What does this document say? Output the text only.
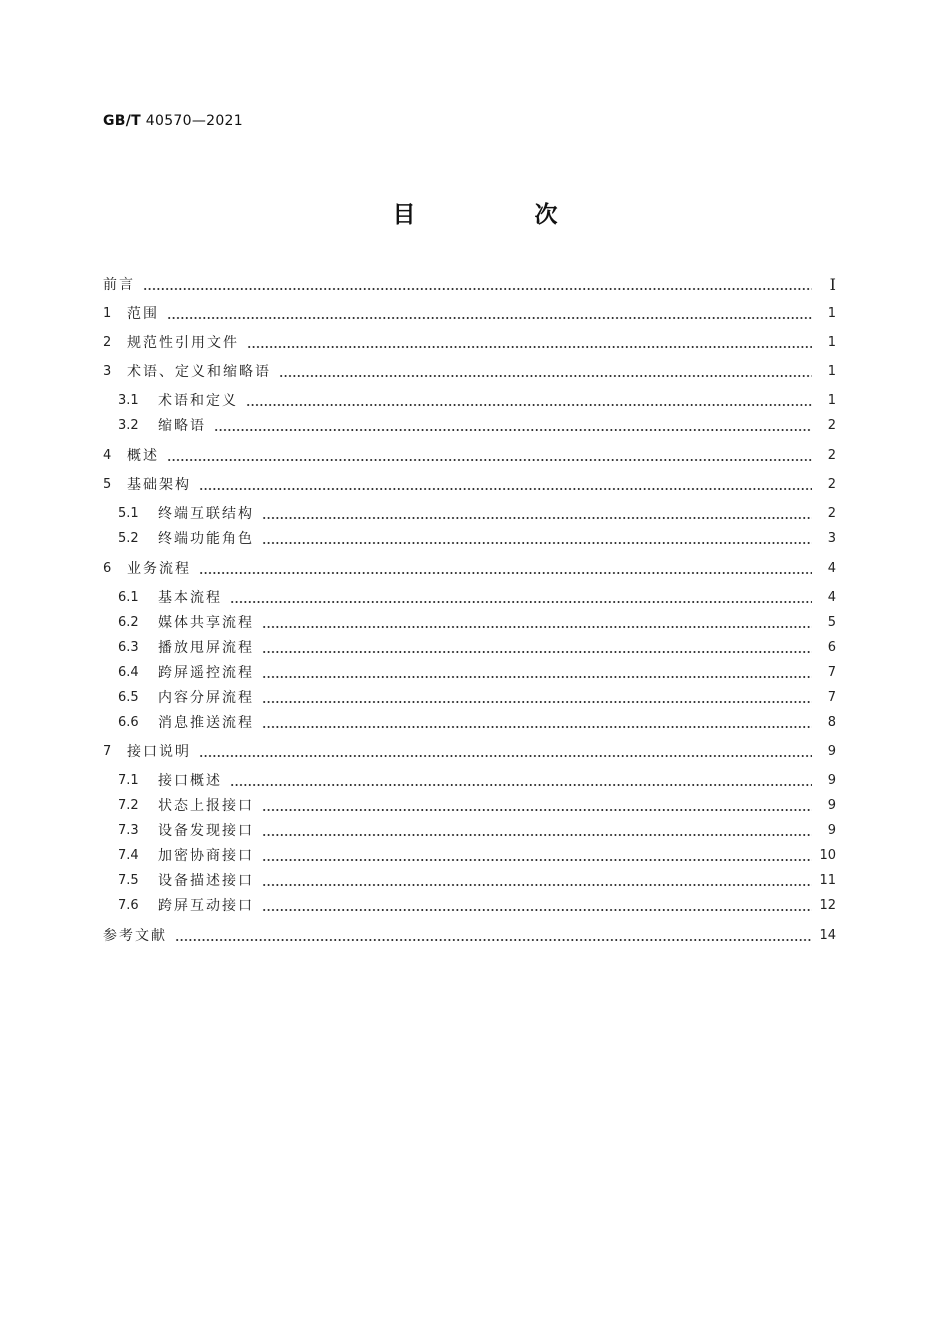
GB/T 40570—2021
目　次
前言	Ⅰ
1	范围	1
2	规范性引用文件	1
3	术语、定义和缩略语	1
3.1	术语和定义	1
3.2	缩略语	2
4	概述	2
5	基础架构	2
5.1	终端互联结构	2
5.2	终端功能角色	3
6	业务流程	4
6.1	基本流程	4
6.2	媒体共享流程	5
6.3	播放甩屏流程	6
6.4	跨屏遥控流程	7
6.5	内容分屏流程	7
6.6	消息推送流程	8
7	接口说明	9
7.1	接口概述	9
7.2	状态上报接口	9
7.3	设备发现接口	9
7.4	加密协商接口	10
7.5	设备描述接口	11
7.6	跨屏互动接口	12
参考文献	14
